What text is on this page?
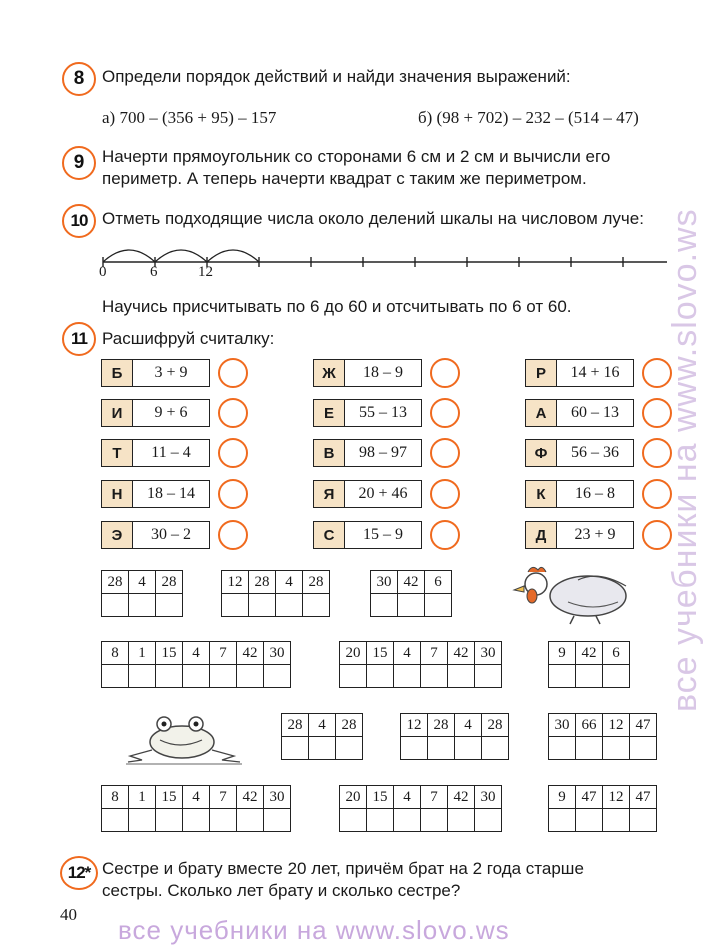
8	Определи порядок действий и найди значения выражений:
а) 700 – (356 + 95) – 157	б) (98 + 702) – 232 – (514 – 47)
9	Начерти прямоугольник со сторонами 6 см и 2 см и вычисли его
периметр. А теперь начерти квадрат с таким же периметром.
10 Отметь подходящие числа около делений шкалы на числовом луче:
0	6	12
Научись присчитывать по 6 до 60 и отсчитывать по 6 от 60.
11 Расшифруй считалку:
Б	3 + 9
И	9 + 6
Т	11 – 4
Н	18 – 14
Э	30 – 2
Ж	18 – 9
Е	55 – 13
В	98 – 97
Я	20 + 46
С	15 – 9
Р	14 + 16
А	60 – 13
Ф	56 – 36
К	16 – 8
Д	23 + 9
28	4	28
			12	28	4	28
				30	42	6

8	1	15	4	7	42	30
							20	15	4	7	42	30
						9	42	6

28	4	28
			12	28	4	28
				30	66	12	47

8	1	15	4	7	42	30
							20	15	4	7	42	30
						9	47	12	47

12* Сестре и брату вместе 20 лет, причём брат на 2 года старше
сестры. Сколько лет брату и сколько сестре?
40
все учебники на www.slovo.ws
все учебники на www.slovo.ws
